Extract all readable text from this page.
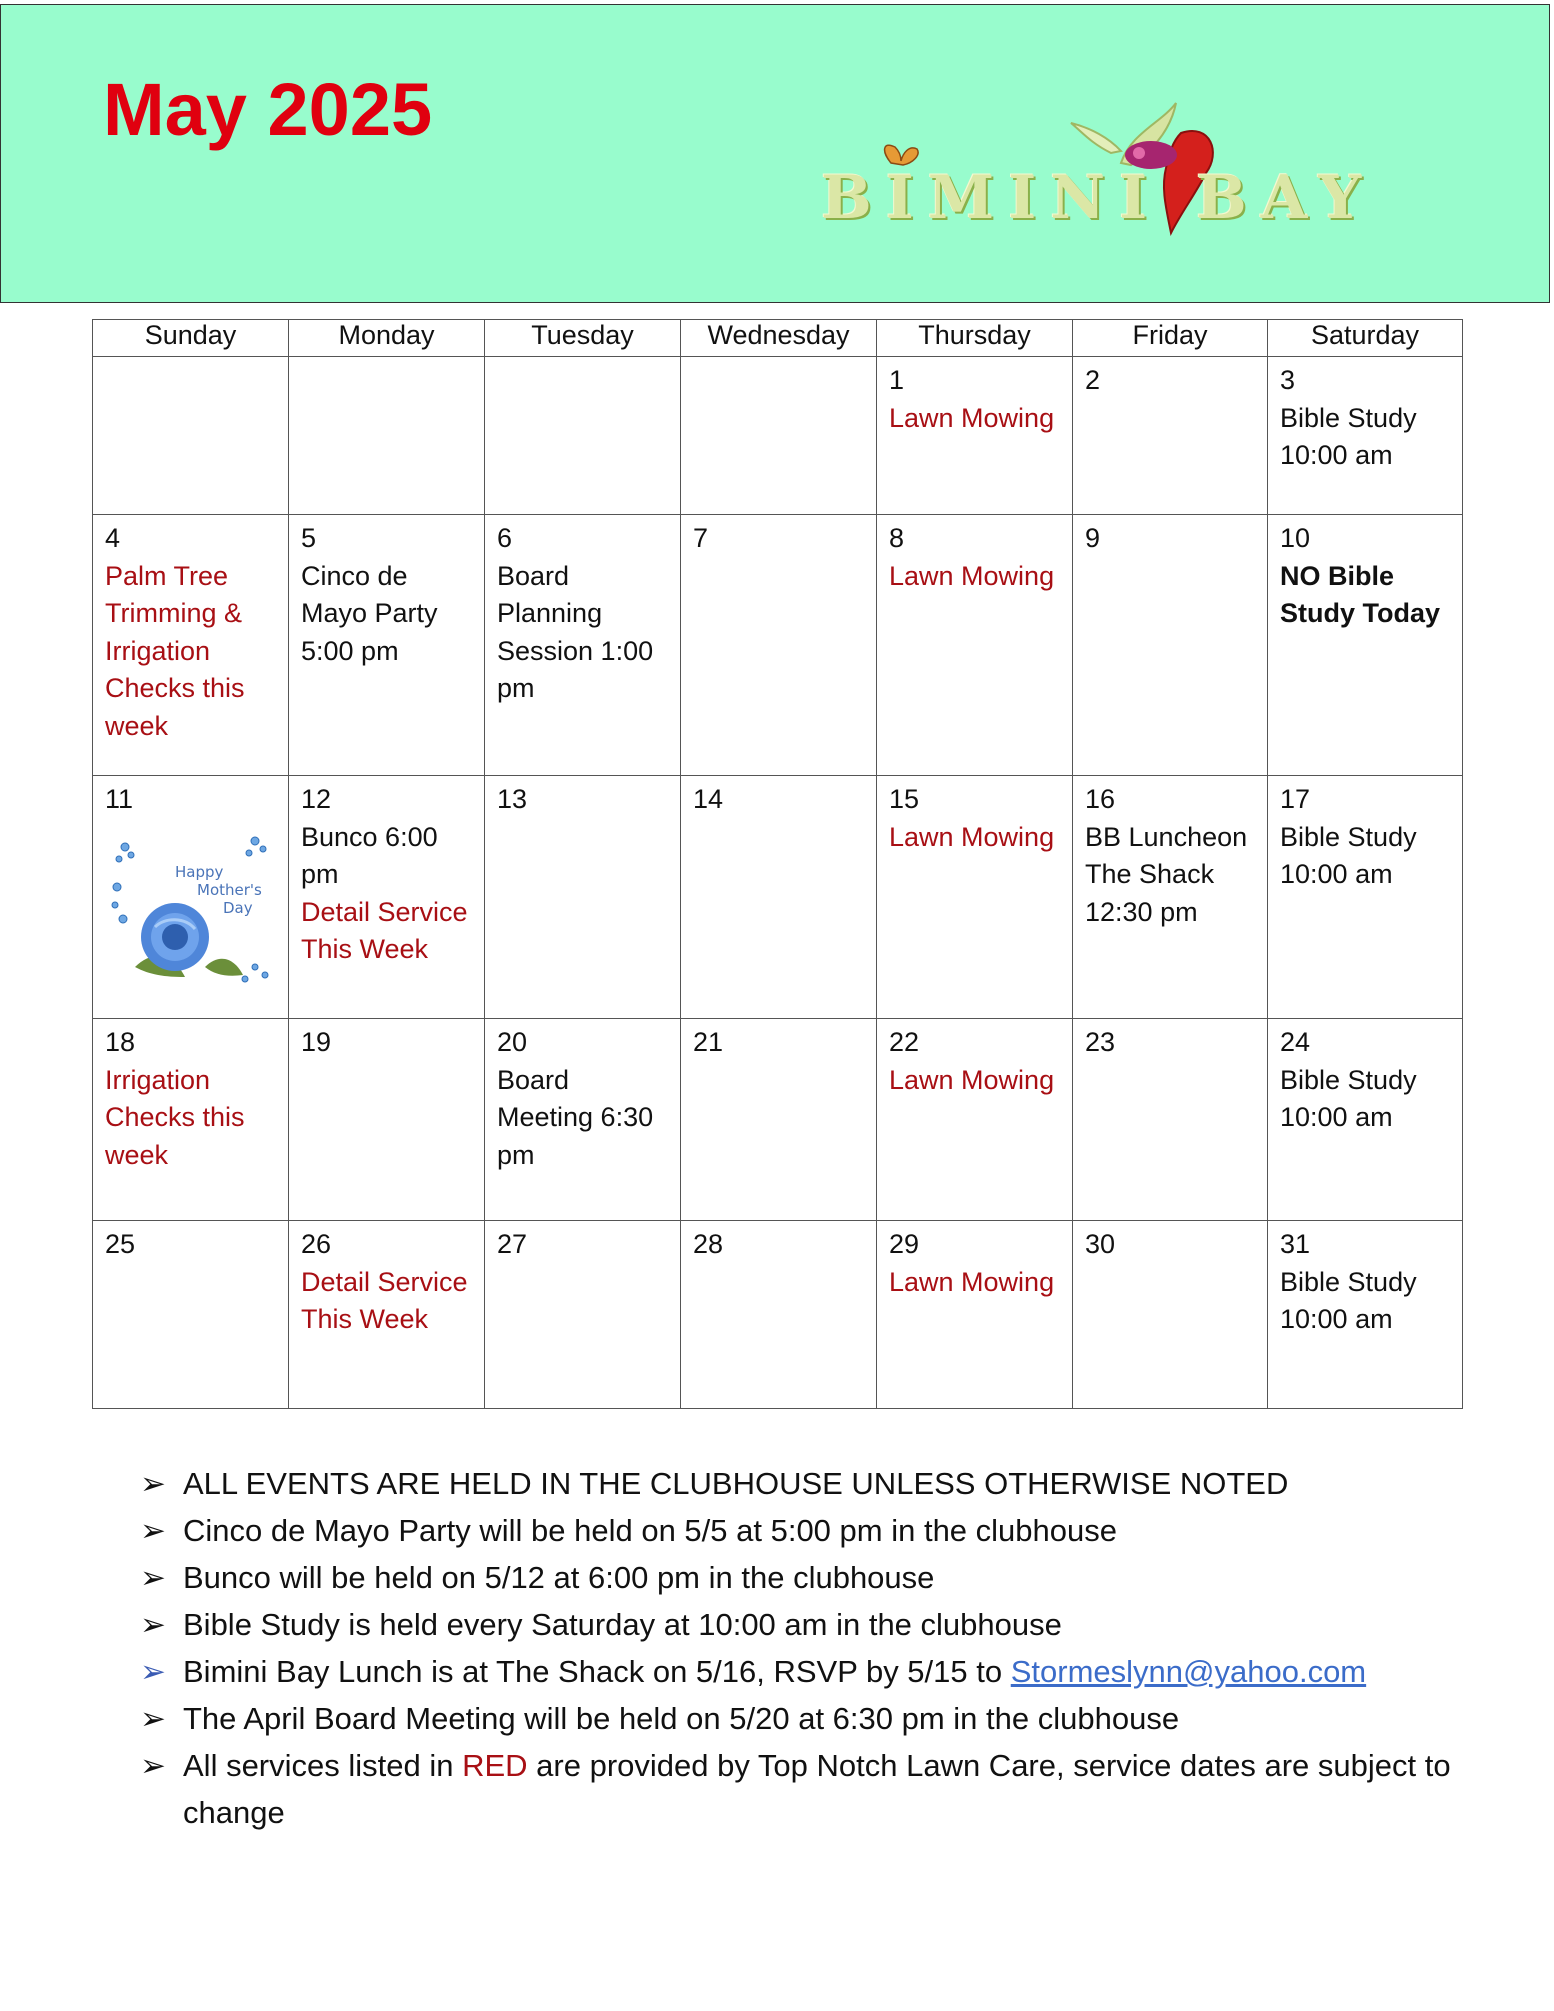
May 2025
BIMINI BAY
Sunday	Monday	Tuesday	Wednesday	Thursday	Friday	Saturday

				1
Lawn Mowing	2	3
Bible Study 10:00 am

4
Palm Tree Trimming & Irrigation Checks this week	5
Cinco de Mayo Party 5:00 pm	6
Board Planning Session 1:00 pm	7	8
Lawn Mowing	9	10
NO Bible Study Today

11
Happy
Mother's
Day	12
Bunco 6:00 pm
Detail Service This Week	13	14	15
Lawn Mowing	16
BB Luncheon The Shack 12:30 pm	17
Bible Study 10:00 am

18
Irrigation Checks this week	19	20
Board Meeting 6:30 pm	21	22
Lawn Mowing	23	24
Bible Study 10:00 am

25	26
Detail Service This Week	27	28	29
Lawn Mowing	30	31
Bible Study 10:00 am
➢ ALL EVENTS ARE HELD IN THE CLUBHOUSE UNLESS OTHERWISE NOTED
➢ Cinco de Mayo Party will be held on 5/5 at 5:00 pm in the clubhouse
➢ Bunco will be held on 5/12 at 6:00 pm in the clubhouse
➢ Bible Study is held every Saturday at 10:00 am in the clubhouse
➢ Bimini Bay Lunch is at The Shack on 5/16, RSVP by 5/15 to Stormeslynn@yahoo.com
➢ The April Board Meeting will be held on 5/20 at 6:30 pm in the clubhouse
➢ All services listed in RED are provided by Top Notch Lawn Care, service dates are subject to change
